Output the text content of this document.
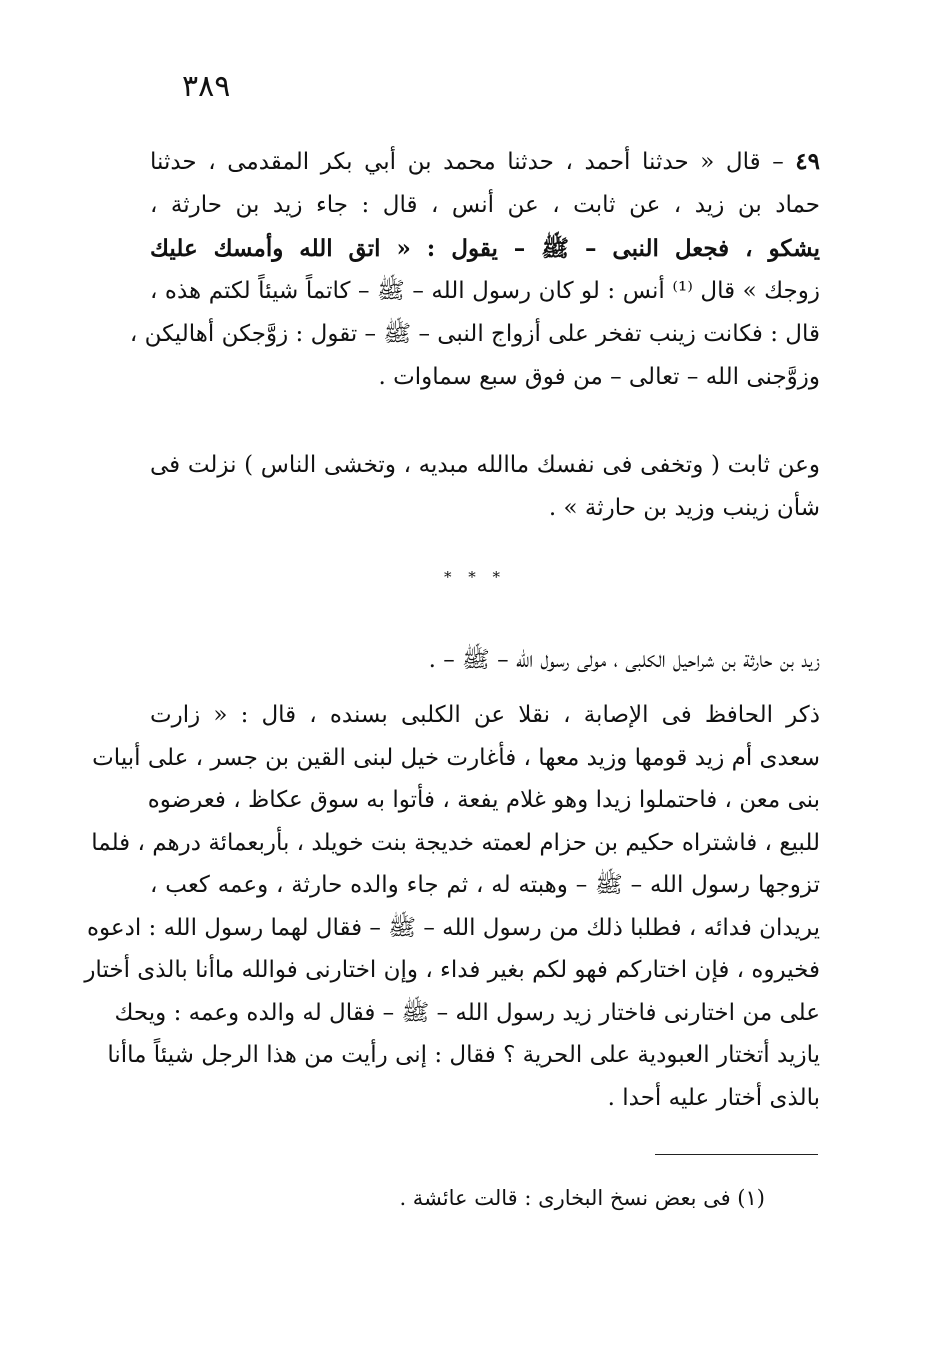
٣٨٩
٤٩ – قال « حدثنا أحمد ، حدثنا محمد بن أبي بكر المقدمى ، حدثنا
حماد بن زيد ، عن ثابت ، عن أنس ، قال : جاء زيد بن حارثة ،
يشكو ، فجعل النبى – ﷺ – يقول : « اتق الله وأمسك عليك
زوجك » قال ⁽¹⁾ أنس : لو كان رسول الله – ﷺ – كاتماً شيئاً لكتم هذه ،
قال : فكانت زينب تفخر على أزواج النبى – ﷺ – تقول : زوَّجكن أهاليكن ،
وزوَّجنى الله – تعالى – من فوق سبع سماوات .
وعن ثابت ( وتخفى فى نفسك ماالله مبديه ، وتخشى الناس ) نزلت فى
شأن زينب وزيد بن حارثة » .
* * *
زيد بن حارثة بن شراحيل الكلبى ، مولى رسول الله – ﷺ – .
ذكر الحافظ فى الإصابة ، نقلا عن الكلبى بسنده ، قال : « زارت
سعدى أم زيد قومها وزيد معها ، فأغارت خيل لبنى القين بن جسر ، على أبيات
بنى معن ، فاحتملوا زيدا وهو غلام يفعة ، فأتوا به سوق عكاظ ، فعرضوه
للبيع ، فاشتراه حكيم بن حزام لعمته خديجة بنت خويلد ، بأربعمائة درهم ، فلما
تزوجها رسول الله – ﷺ – وهبته له ، ثم جاء والده حارثة ، وعمه كعب ،
يريدان فدائه ، فطلبا ذلك من رسول الله – ﷺ – فقال لهما رسول الله : ادعوه
فخيروه ، فإن اختاركم فهو لكم بغير فداء ، وإن اختارنى فوالله ماأنا بالذى أختار
على من اختارنى فاختار زيد رسول الله – ﷺ – فقال له والده وعمه : ويحك
يازيد أتختار العبودية على الحرية ؟ فقال : إنى رأيت من هذا الرجل شيئاً ماأنا
بالذى أختار عليه أحدا .
(١) فى بعض نسخ البخارى : قالت عائشة .
